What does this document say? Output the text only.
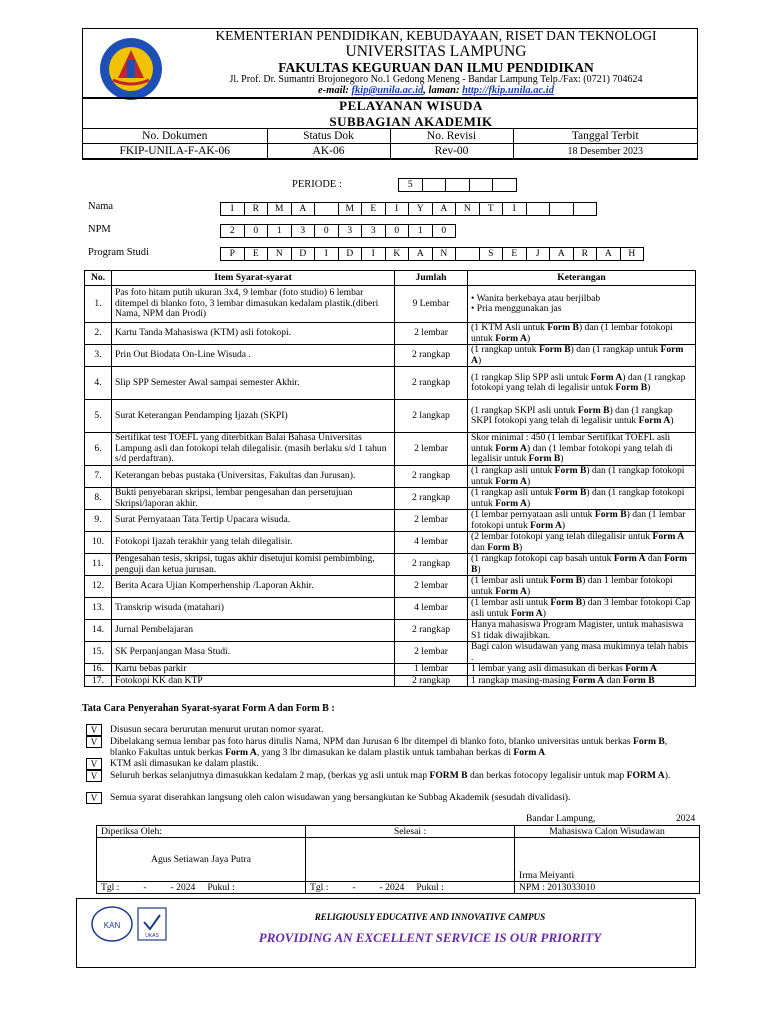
KEMENTERIAN PENDIDIKAN, KEBUDAYAAN, RISET DAN TEKNOLOGI
UNIVERSITAS LAMPUNG
FAKULTAS KEGURUAN DAN ILMU PENDIDIKAN
Jl. Prof. Dr. Sumantri Brojonegoro No.1 Gedong Meneng - Bandar Lampung Telp./Fax: (0721) 704624
e-mail: fkip@unila.ac.id, laman: http://fkip.unila.ac.id
PELAYANAN WISUDA
SUBBAGIAN AKADEMIK
No. Dokumen	Status Dok	No. Revisi	Tanggal Terbit
FKIP-UNILA-F-AK-06	AK-06	Rev-00	18 Desember 2023
PERIODE :	5
Nama	I	R	M	A	M	E	I	Y	A	N	T	I
NPM	2	0	1	3	0	3	3	0	1	0
Program Studi	P	E	N	D	I	D	I	K	A	N	S	E	J	A	R	A	H
No.	Item Syarat-syarat	Jumlah	Keterangan
1.	Pas foto hitam putih ukuran 3x4, 9 lembar (foto studio) 6 lembar ditempel di blanko foto, 3 lembar dimasukan kedalam plastik.(diberi Nama, NPM dan Prodi)	9 Lembar	• Wanita berkebaya atau berjilbab
• Pria menggunakan jas

2.	Kartu Tanda Mahasiswa (KTM) asli fotokopi.	2 lembar	(1 KTM Asli untuk Form B) dan (1 lembar fotokopi untuk Form A)
3.	Prin Out Biodata On-Line Wisuda .	2 rangkap	(1 rangkap untuk Form B) dan (1 rangkap untuk Form A)
4.	Slip SPP Semester Awal sampai semester Akhir.	2 rangkap	(1 rangkap Slip SPP asli untuk Form A) dan (1 rangkap fotokopi yang telah di legalisir untuk Form B)
5.	Surat Keterangan Pendamping Ijazah (SKPI)	2 langkap	(1 rangkap SKPI asli untuk Form B) dan (1 rangkap SKPI fotokopi yang telah di legalisir untuk Form A)
6.	Sertifikat test TOEFL yang diterbitkan Balai Bahasa Universitas Lampung asli dan fotokopi telah dilegalisir. (masih berlaku s/d 1 tahun s/d perdaftran).	2 lembar	Skor minimal : 450 (1 lembar Sertifikat TOEFL asli untuk Form A) dan (1 lembar fotokopi yang telah di legalisir untuk Form B)
7.	Keterangan bebas pustaka (Universitas, Fakultas dan Jurusan).	2 rangkap	(1 rangkap asli untuk Form B) dan (1 rangkap fotokopi untuk Form A)
8.	Bukti penyebaran skripsi, lembar pengesahan dan persetujuan Skripsi/laporan akhir.	2 rangkap	(1 rangkap asli untuk Form B) dan (1 rangkap fotokopi untuk Form A)
9.	Surat Pernyataan Tata Tertip Upacara wisuda.	2 lembar	(1 lembar pernyataan asli untuk Form B) dan (1 lembar fotokopi untuk Form A)
10.	Fotokopi Ijazah terakhir yang telah dilegalisir.	4 lembar	(2 lembar fotokopi yang telah dilegalisir untuk Form A dan Form B)
11.	Pengesahan tesis, skripsi, tugas akhir disetujui komisi pembimbing, penguji dan ketua jurusan.	2 rangkap	(1 rangkap fotokopi cap basah untuk Form A dan Form B)
12.	Berita Acara Ujian Komperhenship /Laporan Akhir.	2 lembar	(1 lembar asli untuk Form B) dan 1 lembar fotokopi untuk Form A)
13.	Transkrip wisuda (matahari)	4 lembar	(1 lembar asli untuk Form B) dan 3 lembar fotokopi Cap asli untuk Form A)
14.	Jurnal Pembelajaran	2 rangkap	Hanya mahasiswa Program Magister, untuk mahasiswa S1 tidak diwajibkan.
15.	SK Perpanjangan Masa Studi.	2 lembar	Bagi calon wisudawan yang masa mukimnya telah habis .
16.	Kartu bebas parkir	1 lembar	1 lembar yang asli dimasukan di berkas Form A
17.	Fotokopi KK dan KTP	2 rangkap	1 rangkap masing-masing Form A dan Form B
Tata Cara Penyerahan Syarat-syarat Form A dan Form B :
V Disusun secara berurutan menurut urutan nomor syarat.
V Dibelakang semua lembar pas foto harus ditulis Nama, NPM dan Jurusan 6 lbr ditempel di blanko foto, blanko universitas untuk berkas Form B, blanko Fakultas untuk berkas Form A, yang 3 lbr dimasukan ke dalam plastik untuk tambahan berkas di Form A
V KTM asli dimasukan ke dalam plastik.
V Seluruh berkas selanjutnya dimasukkan kedalam 2 map, (berkas yg asli untuk map FORM B dan berkas fotocopy legalisir untuk map FORM A).
V Semua syarat diserahkan langsung oleh calon wisudawan yang bersangkutan ke Subbag Akademik (sesudah divalidasi).
Bandar Lampung,	2024
Diperiksa Oleh:	Selesai :	Mahasiswa Calon Wisudawan
Agus Setiawan Jaya Putra		Irma Meiyanti
Tgl :          -          - 2024     Pukul :	Tgl :          -          - 2024     Pukul :	NPM : 2013033010
KAN
UKAS
RELIGIOUSLY EDUCATIVE AND INNOVATIVE CAMPUS
PROVIDING AN EXCELLENT SERVICE IS OUR PRIORITY
